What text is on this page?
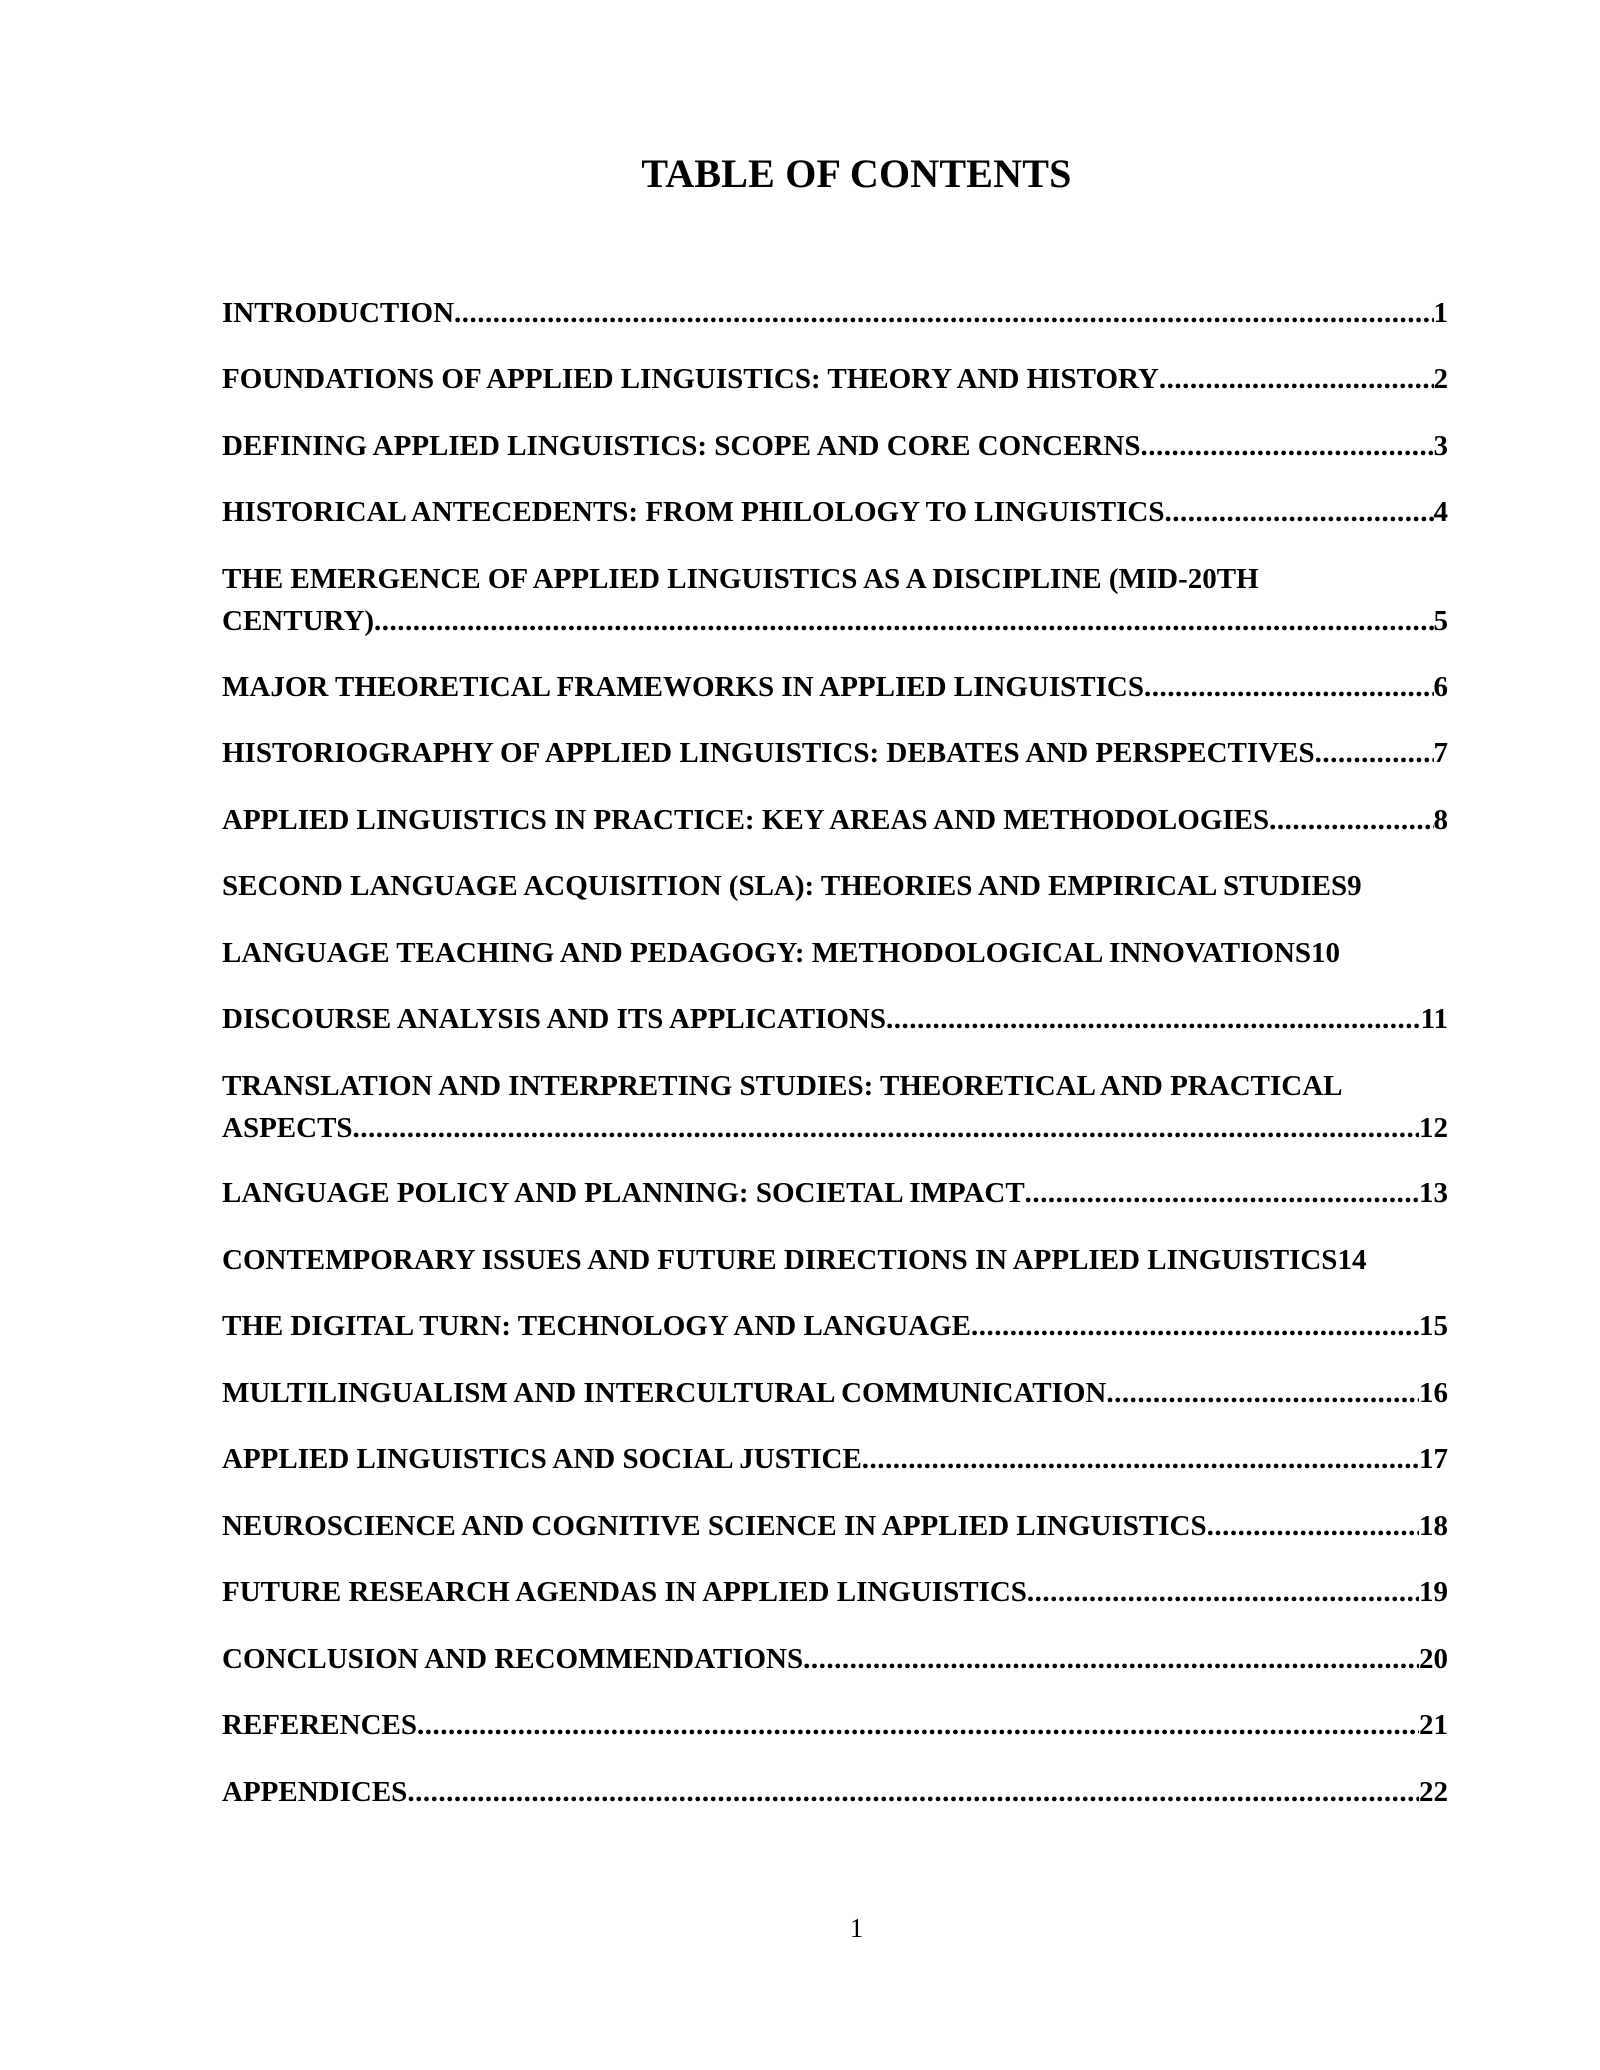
TABLE OF CONTENTS
INTRODUCTION .....	1
FOUNDATIONS OF APPLIED LINGUISTICS: THEORY AND HISTORY .....	2
DEFINING APPLIED LINGUISTICS: SCOPE AND CORE CONCERNS .....	3
HISTORICAL ANTECEDENTS: FROM PHILOLOGY TO LINGUISTICS .....	4
THE EMERGENCE OF APPLIED LINGUISTICS AS A DISCIPLINE (MID-20TH
CENTURY) .....	5
MAJOR THEORETICAL FRAMEWORKS IN APPLIED LINGUISTICS .....	6
HISTORIOGRAPHY OF APPLIED LINGUISTICS: DEBATES AND PERSPECTIVES .....	7
APPLIED LINGUISTICS IN PRACTICE: KEY AREAS AND METHODOLOGIES .....	8
SECOND LANGUAGE ACQUISITION (SLA): THEORIES AND EMPIRICAL STUDIES 9
LANGUAGE TEACHING AND PEDAGOGY: METHODOLOGICAL INNOVATIONS 10
DISCOURSE ANALYSIS AND ITS APPLICATIONS .....	11
TRANSLATION AND INTERPRETING STUDIES: THEORETICAL AND PRACTICAL
ASPECTS .....	12
LANGUAGE POLICY AND PLANNING: SOCIETAL IMPACT .....	13
CONTEMPORARY ISSUES AND FUTURE DIRECTIONS IN APPLIED LINGUISTICS 14
THE DIGITAL TURN: TECHNOLOGY AND LANGUAGE .....	15
MULTILINGUALISM AND INTERCULTURAL COMMUNICATION .....	16
APPLIED LINGUISTICS AND SOCIAL JUSTICE .....	17
NEUROSCIENCE AND COGNITIVE SCIENCE IN APPLIED LINGUISTICS .....	18
FUTURE RESEARCH AGENDAS IN APPLIED LINGUISTICS .....	19
CONCLUSION AND RECOMMENDATIONS .....	20
REFERENCES .....	21
APPENDICES .....	22
1
